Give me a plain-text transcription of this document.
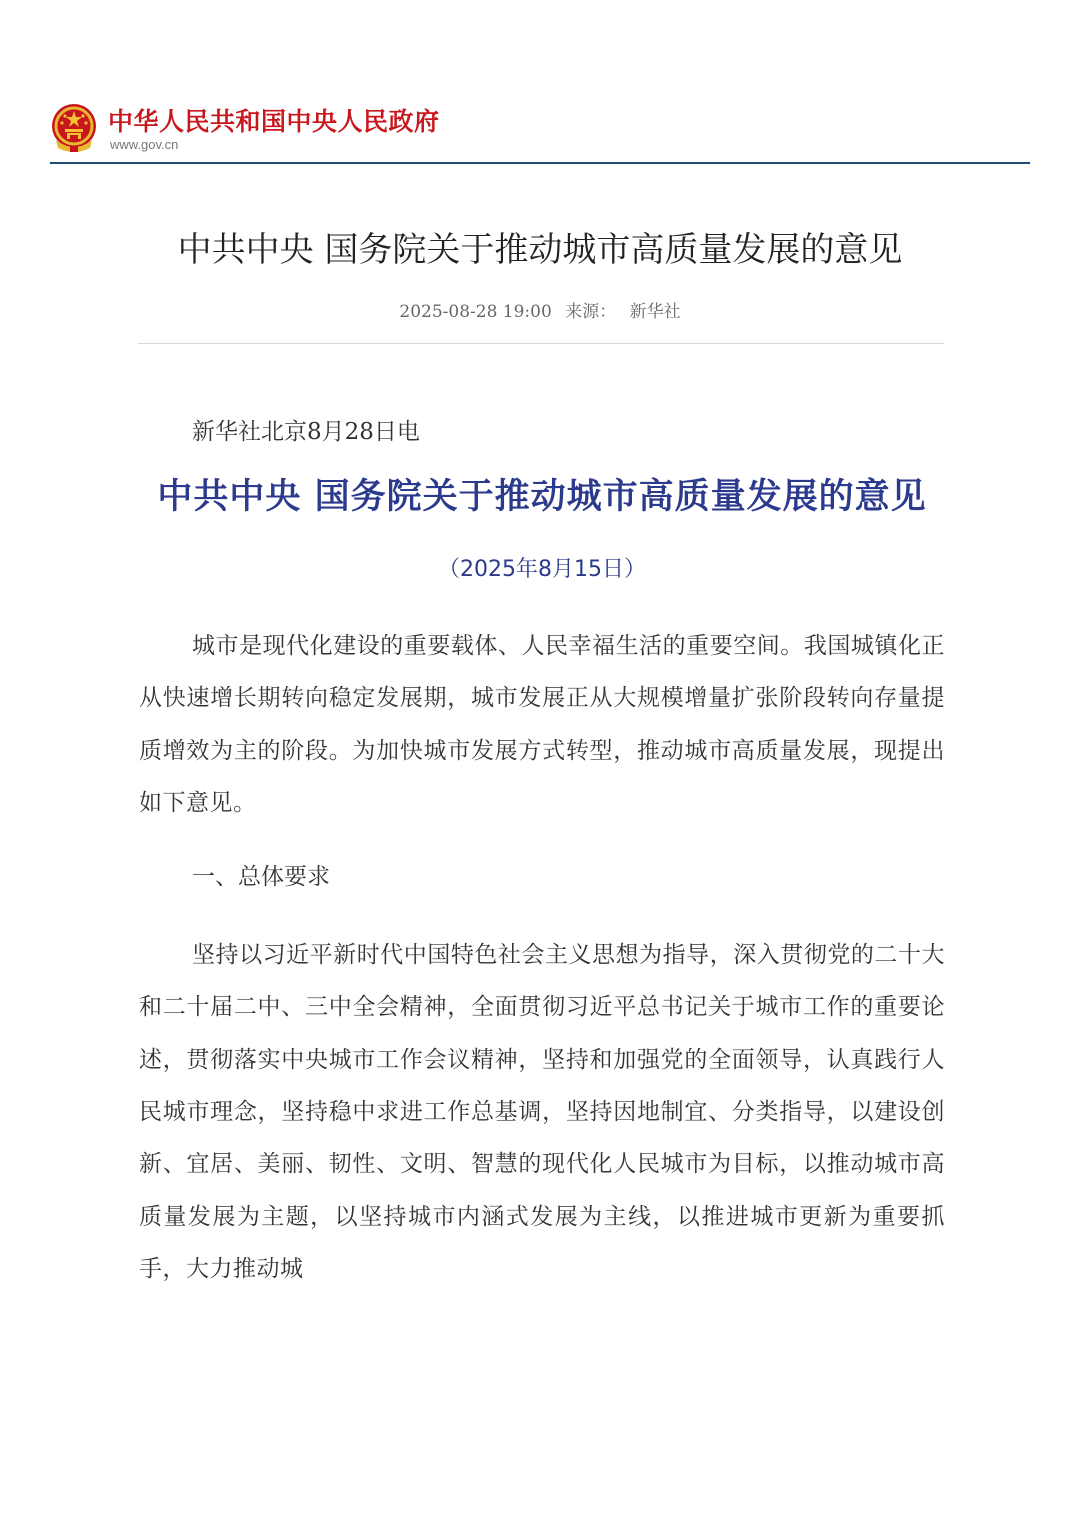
中华人民共和国中央人民政府
www.gov.cn
中共中央 国务院关于推动城市高质量发展的意见
2025-08-28 19:00 来源： 新华社

新华社北京8月28日电

中共中央 国务院关于推动城市高质量发展的意见

（2025年8月15日）

城市是现代化建设的重要载体、人民幸福生活的重要空间。我国城镇化正从快速增长期转向稳定发展期，城市发展正从大规模增量扩张阶段转向存量提质增效为主的阶段。为加快城市发展方式转型，推动城市高质量发展，现提出如下意见。

一、总体要求

坚持以习近平新时代中国特色社会主义思想为指导，深入贯彻党的二十大和二十届二中、三中全会精神，全面贯彻习近平总书记关于城市工作的重要论述，贯彻落实中央城市工作会议精神，坚持和加强党的全面领导，认真践行人民城市理念，坚持稳中求进工作总基调，坚持因地制宜、分类指导，以建设创新、宜居、美丽、韧性、文明、智慧的现代化人民城市为目标，以推动城市高质量发展为主题，以坚持城市内涵式发展为主线，以推进城市更新为重要抓手，大力推动城
